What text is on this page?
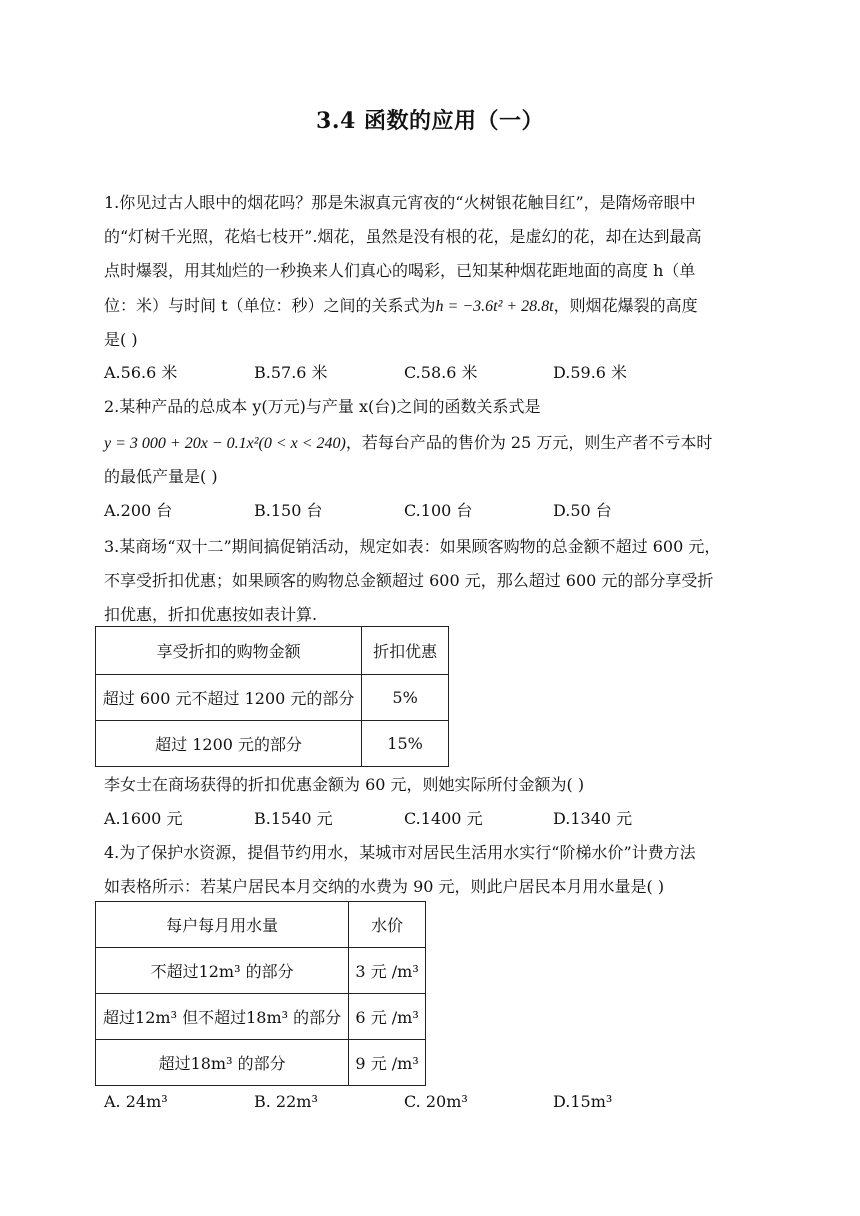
3.4 函数的应用（一）
1.你见过古人眼中的烟花吗？那是朱淑真元宵夜的“火树银花触目红”，是隋炀帝眼中
的“灯树千光照，花焰七枝开”.烟花，虽然是没有根的花，是虚幻的花，却在达到最高
点时爆裂，用其灿烂的一秒换来人们真心的喝彩，已知某种烟花距地面的高度 h（单
位：米）与时间 t（单位：秒）之间的关系式为h = −3.6t² + 28.8t，则烟花爆裂的高度
是( )
A.56.6 米	B.57.6 米	C.58.6 米	D.59.6 米
2.某种产品的总成本 y(万元)与产量 x(台)之间的函数关系式是
y = 3 000 + 20x − 0.1x²(0 < x < 240)，若每台产品的售价为 25 万元，则生产者不亏本时
的最低产量是( )
A.200 台	B.150 台	C.100 台	D.50 台
3.某商场“双十二”期间搞促销活动，规定如表：如果顾客购物的总金额不超过 600 元，
不享受折扣优惠；如果顾客的购物总金额超过 600 元，那么超过 600 元的部分享受折
扣优惠，折扣优惠按如表计算.
享受折扣的购物金额	折扣优惠
超过 600 元不超过 1200 元的部分	5%
超过 1200 元的部分	15%
李女士在商场获得的折扣优惠金额为 60 元，则她实际所付金额为( )
A.1600 元	B.1540 元	C.1400 元	D.1340 元
4.为了保护水资源，提倡节约用水，某城市对居民生活用水实行“阶梯水价”计费方法
如表格所示：若某户居民本月交纳的水费为 90 元，则此户居民本月用水量是( )
每户每月用水量	水价
不超过12m³ 的部分	3 元 /m³
超过12m³ 但不超过18m³ 的部分	6 元 /m³
超过18m³ 的部分	9 元 /m³
A. 24m³	B. 22m³	C. 20m³	D.15m³
